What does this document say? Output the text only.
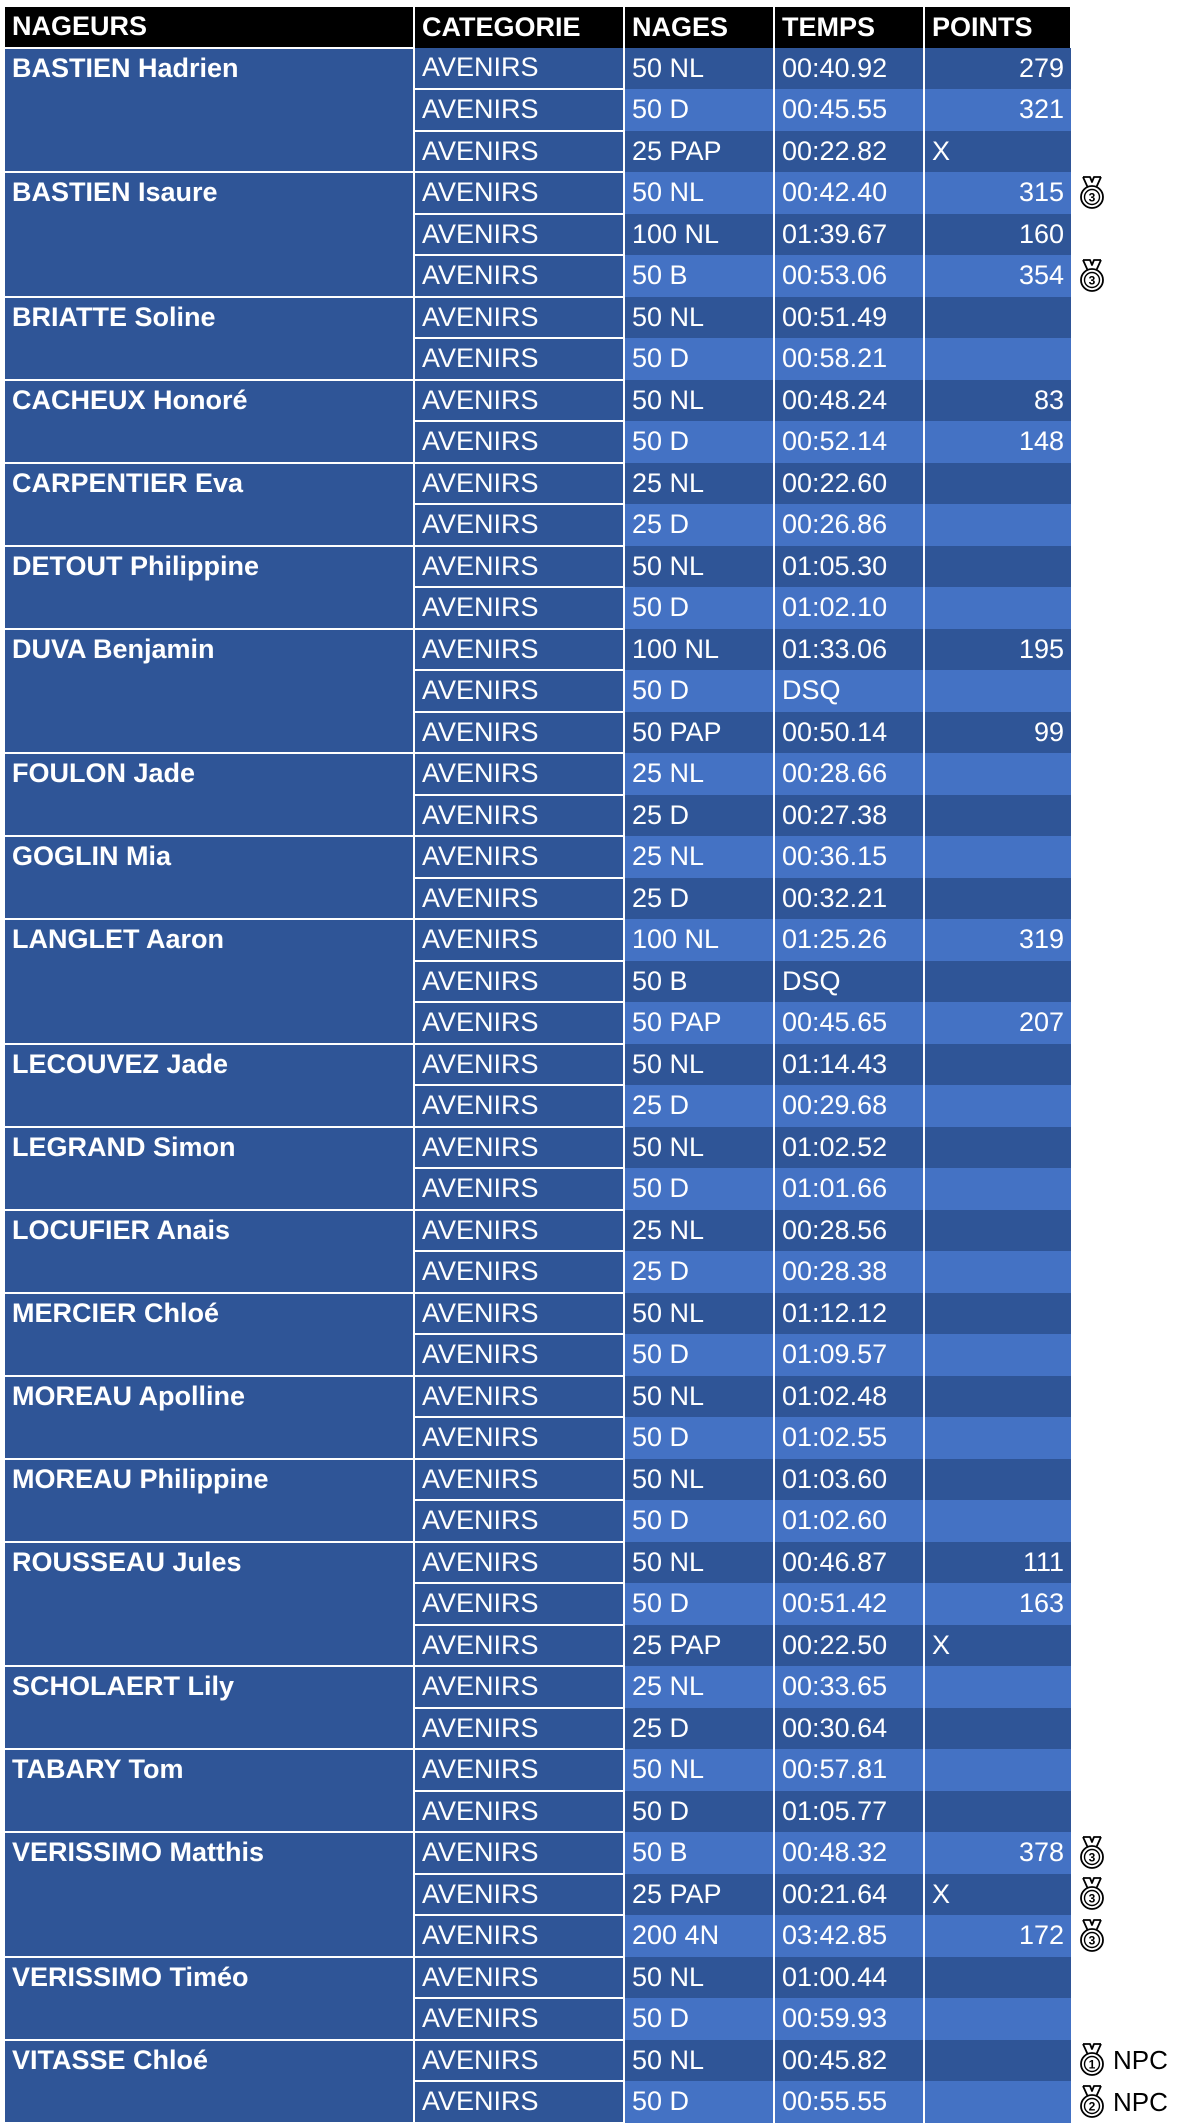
NAGEURS	CATEGORIE	NAGES	TEMPS	POINTS	
BASTIEN Hadrien	AVENIRS	50 NL	00:40.92	279	

	AVENIRS	50 D	00:45.55	321	

	AVENIRS	25 PAP	00:22.82	X	
BASTIEN Isaure	AVENIRS	50 NL	00:42.40	315	3

	AVENIRS	100 NL	01:39.67	160	

	AVENIRS	50 B	00:53.06	354	3

BRIATTE Soline	AVENIRS	50 NL	00:51.49		
	AVENIRS	50 D	00:58.21		
CACHEUX Honoré	AVENIRS	50 NL	00:48.24	83	

	AVENIRS	50 D	00:52.14	148	

CARPENTIER Eva	AVENIRS	25 NL	00:22.60		
	AVENIRS	25 D	00:26.86		
DETOUT Philippine	AVENIRS	50 NL	01:05.30		
	AVENIRS	50 D	01:02.10		
DUVA Benjamin	AVENIRS	100 NL	01:33.06	195	

	AVENIRS	50 D	DSQ		
	AVENIRS	50 PAP	00:50.14	99	

FOULON Jade	AVENIRS	25 NL	00:28.66		
	AVENIRS	25 D	00:27.38		
GOGLIN Mia	AVENIRS	25 NL	00:36.15		
	AVENIRS	25 D	00:32.21		
LANGLET Aaron	AVENIRS	100 NL	01:25.26	319	

	AVENIRS	50 B	DSQ		
	AVENIRS	50 PAP	00:45.65	207	

LECOUVEZ Jade	AVENIRS	50 NL	01:14.43		
	AVENIRS	25 D	00:29.68		
LEGRAND Simon	AVENIRS	50 NL	01:02.52		
	AVENIRS	50 D	01:01.66		
LOCUFIER Anais	AVENIRS	25 NL	00:28.56		
	AVENIRS	25 D	00:28.38		
MERCIER Chloé	AVENIRS	50 NL	01:12.12		
	AVENIRS	50 D	01:09.57		
MOREAU Apolline	AVENIRS	50 NL	01:02.48		
	AVENIRS	50 D	01:02.55		
MOREAU Philippine	AVENIRS	50 NL	01:03.60		
	AVENIRS	50 D	01:02.60		
ROUSSEAU Jules	AVENIRS	50 NL	00:46.87	111	

	AVENIRS	50 D	00:51.42	163	

	AVENIRS	25 PAP	00:22.50	X	
SCHOLAERT Lily	AVENIRS	25 NL	00:33.65		
	AVENIRS	25 D	00:30.64		
TABARY Tom	AVENIRS	50 NL	00:57.81		
	AVENIRS	50 D	01:05.77		
VERISSIMO Matthis	AVENIRS	50 B	00:48.32	378	3

	AVENIRS	25 PAP	00:21.64	X	3

	AVENIRS	200 4N	03:42.85	172	3

VERISSIMO Timéo	AVENIRS	50 NL	01:00.44		
	AVENIRS	50 D	00:59.93		
VITASSE Chloé	AVENIRS	50 NL	00:45.82		1 NPC
	AVENIRS	50 D	00:55.55		2 NPC
